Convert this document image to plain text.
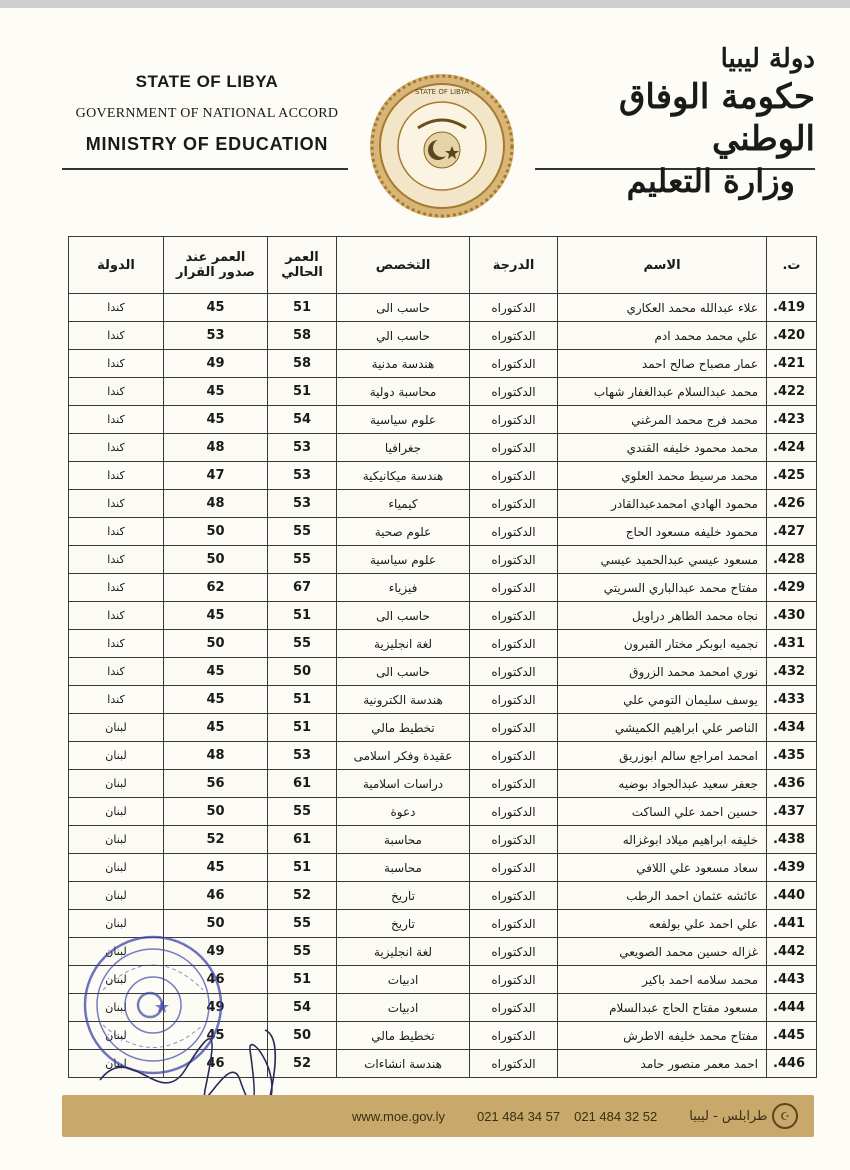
STATE OF LIBYA
GOVERNMENT OF NATIONAL ACCORD
MINISTRY OF EDUCATION
دولة ليبيا
حكومة الوفاق الوطني
وزارة التعليم
STATE OF LIBYA
ت.	الاسم	الدرجة	التخصص	العمر الحالي	العمر عند صدور القرار	الدولة
419.	علاء عبدالله محمد العكاري	الدكتوراه	حاسب الى	51	45	كندا
420.	علي محمد محمد ادم	الدكتوراه	حاسب الي	58	53	كندا
421.	عمار مصباح صالح احمد	الدكتوراه	هندسة مدنية	58	49	كندا
422.	محمد عبدالسلام عبدالغفار شهاب	الدكتوراه	محاسبة دولية	51	45	كندا
423.	محمد فرج محمد المرغني	الدكتوراه	علوم سياسية	54	45	كندا
424.	محمد محمود خليفه القندي	الدكتوراه	جغرافيا	53	48	كندا
425.	محمد مرسيط محمد العلوي	الدكتوراه	هندسة ميكانيكية	53	47	كندا
426.	محمود الهادي امحمدعبدالقادر	الدكتوراه	كيمياء	53	48	كندا
427.	محمود خليفه مسعود الحاج	الدكتوراه	علوم صحية	55	50	كندا
428.	مسعود عيسي عبدالحميد عيسي	الدكتوراه	علوم سياسية	55	50	كندا
429.	مفتاح محمد عبدالباري السريتي	الدكتوراه	فيزياء	67	62	كندا
430.	نجاه محمد الطاهر دراويل	الدكتوراه	حاسب الى	51	45	كندا
431.	نجميه ابوبكر مختار القبرون	الدكتوراه	لغة انجليزية	55	50	كندا
432.	نوري امحمد محمد الزروق	الدكتوراه	حاسب الى	50	45	كندا
433.	يوسف سليمان التومي علي	الدكتوراه	هندسة الكترونية	51	45	كندا
434.	الناصر علي ابراهيم الكميشي	الدكتوراه	تخطيط مالي	51	45	لبنان
435.	امحمد امراجع سالم ابوزريق	الدكتوراه	عقيدة وفكر اسلامى	53	48	لبنان
436.	جعفر سعيد عبدالجواد بوضيه	الدكتوراه	دراسات اسلامية	61	56	لبنان
437.	حسين احمد علي الساكت	الدكتوراه	دعوة	55	50	لبنان
438.	خليفه ابراهيم ميلاد ابوغزاله	الدكتوراه	محاسبة	61	52	لبنان
439.	سعاد مسعود علي اللافي	الدكتوراه	محاسبة	51	45	لبنان
440.	عائشه عثمان احمد الرطب	الدكتوراه	تاريخ	52	46	لبنان
441.	علي احمد علي بولفعه	الدكتوراه	تاريخ	55	50	لبنان
442.	غزاله حسين محمد الصويعي	الدكتوراه	لغة انجليزية	55	49	لبنان
443.	محمد سلامه احمد باكير	الدكتوراه	ادبيات	51	46	لبنان
444.	مسعود مفتاح الحاج عبدالسلام	الدكتوراه	ادبيات	54	49	لبنان
445.	مفتاح محمد خليفه الاطرش	الدكتوراه	تخطيط مالي	50	45	لبنان
446.	احمد معمر منصور حامد	الدكتوراه	هندسة انشاءات	52	46	لبنان
www.moe.gov.ly 021 484 34 57 021 484 32 52 طرابلس - ليبيا	☪
